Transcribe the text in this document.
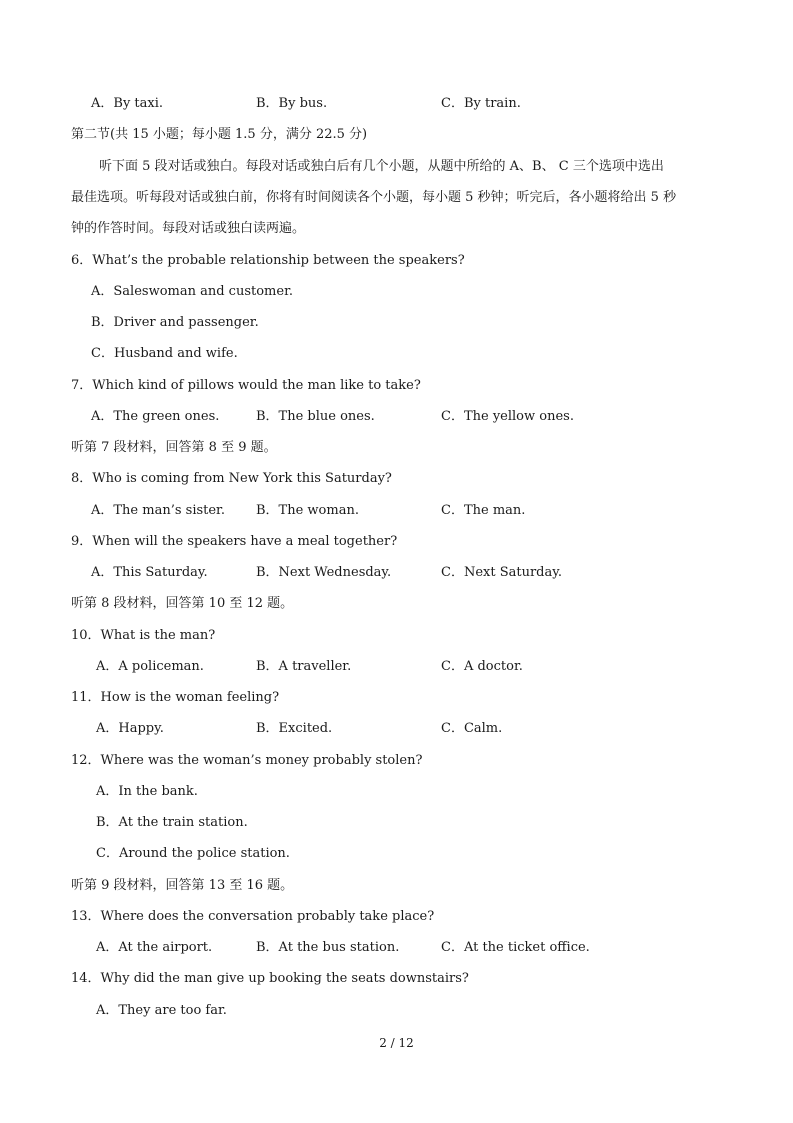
A．By taxi.	B．By bus.	C．By train.
第二节(共 15 小题；每小题 1.5 分，满分 22.5 分)
听下面 5 段对话或独白。每段对话或独白后有几个小题，从题中所给的 A、B、 C 三个选项中选出
最佳选项。听每段对话或独白前，你将有时间阅读各个小题，每小题 5 秒钟；听完后，各小题将给出 5 秒
钟的作答时间。每段对话或独白读两遍。
6．What’s the probable relationship between the speakers?
A．Saleswoman and customer.
B．Driver and passenger.
C．Husband and wife.
7．Which kind of pillows would the man like to take?
A．The green ones.	B．The blue ones.	C．The yellow ones.
听第 7 段材料，回答第 8 至 9 题。
8．Who is coming from New York this Saturday?
A．The man’s sister. B．The woman.	C．The man.
9．When will the speakers have a meal together?
A．This Saturday.	B．Next Wednesday.	C．Next Saturday.
听第 8 段材料，回答第 10 至 12 题。
10．What is the man?
A．A policeman.	B．A traveller.	C．A doctor.
11．How is the woman feeling?
A．Happy.	B．Excited.	C．Calm.
12．Where was the woman’s money probably stolen?
A．In the bank.
B．At the train station.
C．Around the police station.
听第 9 段材料，回答第 13 至 16 题。
13．Where does the conversation probably take place?
A．At the airport.	B．At the bus station.	C．At the ticket office.
14．Why did the man give up booking the seats downstairs?
A．They are too far.
2 / 12
